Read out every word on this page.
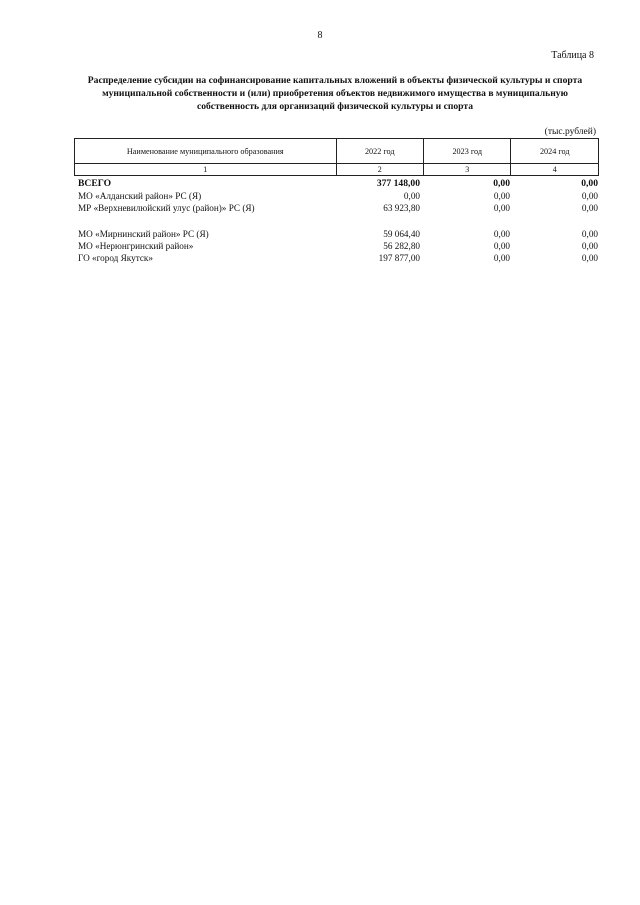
8
Таблица 8
Распределение субсидии на софинансирование капитальных вложений в объекты физической культуры и спорта
муниципальной собственности и (или) приобретения объектов недвижимого имущества в муниципальную
собственность для организаций физической культуры и спорта
(тыс.рублей)
Наименование муниципального образования	2022 год	2023 год	2024 год
1	2	3	4
ВСЕГО	377 148,00	0,00	0,00
МО «Алданский район» РС (Я)	0,00	0,00	0,00
МР «Верхневилюйский улус (район)» РС (Я)	63 923,80	0,00	0,00

МО «Мирнинский район» РС (Я)	59 064,40	0,00	0,00
МО «Нерюнгринский район»	56 282,80	0,00	0,00
ГО «город Якутск»	197 877,00	0,00	0,00
